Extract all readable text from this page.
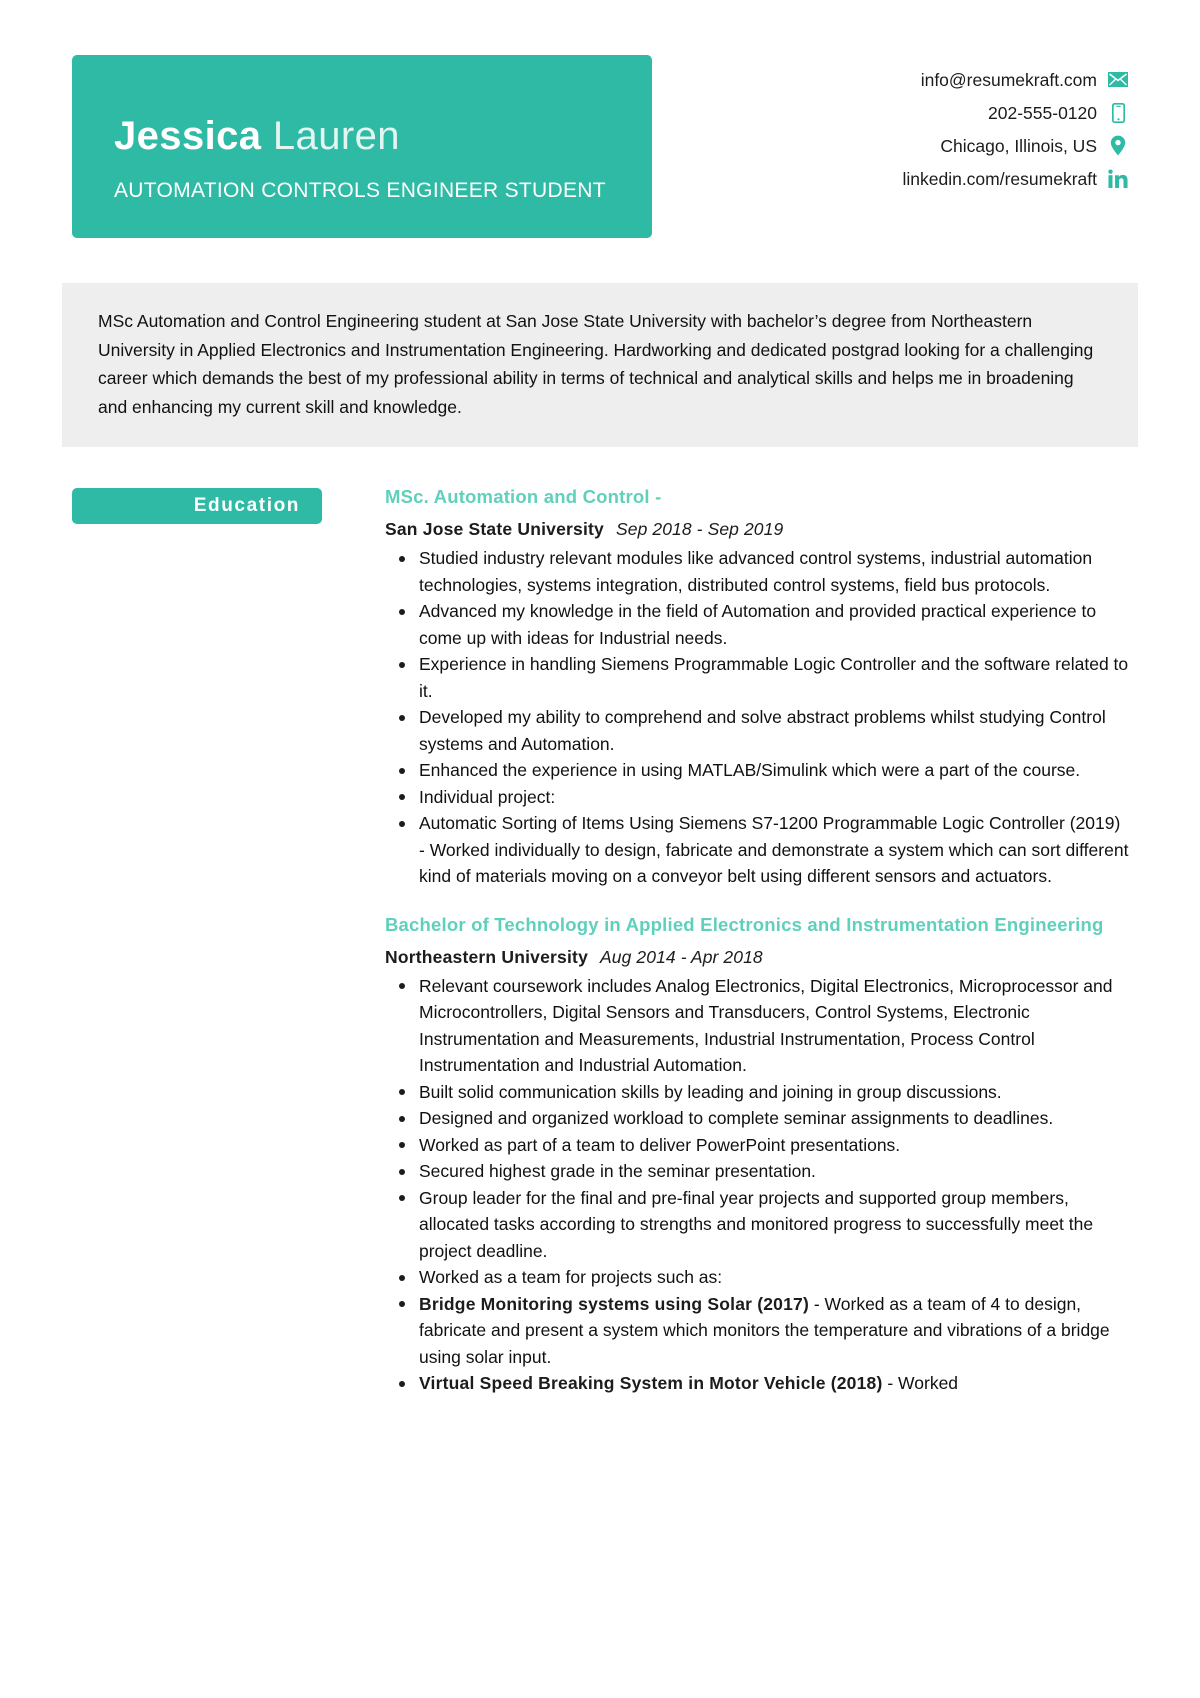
Jessica Lauren
AUTOMATION CONTROLS ENGINEER STUDENT
info@resumekraft.com
202-555-0120
Chicago, Illinois, US
linkedin.com/resumekraft

MSc Automation and Control Engineering student at San Jose State University with bachelor’s degree from Northeastern University in Applied Electronics and Instrumentation Engineering. Hardworking and dedicated postgrad looking for a challenging career which demands the best of my professional ability in terms of technical and analytical skills and helps me in broadening and enhancing my current skill and knowledge.

Education	MSc. Automation and Control -
San Jose State University Sep 2018 - Sep 2019
Studied industry relevant modules like advanced control systems, industrial automation technologies, systems integration, distributed control systems, field bus protocols.
Advanced my knowledge in the field of Automation and provided practical experience to come up with ideas for Industrial needs.
Experience in handling Siemens Programmable Logic Controller and the software related to it.
Developed my ability to comprehend and solve abstract problems whilst studying Control systems and Automation.
Enhanced the experience in using MATLAB/Simulink which were a part of the course.
Individual project:
Automatic Sorting of Items Using Siemens S7-1200 Programmable Logic Controller (2019) - Worked individually to design, fabricate and demonstrate a system which can sort different kind of materials moving on a conveyor belt using different sensors and actuators.
Bachelor of Technology in Applied Electronics and Instrumentation Engineering
Northeastern University Aug 2014 - Apr 2018
Relevant coursework includes Analog Electronics, Digital Electronics, Microprocessor and Microcontrollers, Digital Sensors and Transducers, Control Systems, Electronic Instrumentation and Measurements, Industrial Instrumentation, Process Control Instrumentation and Industrial Automation.
Built solid communication skills by leading and joining in group discussions.
Designed and organized workload to complete seminar assignments to deadlines.
Worked as part of a team to deliver PowerPoint presentations.
Secured highest grade in the seminar presentation.
Group leader for the final and pre-final year projects and supported group members, allocated tasks according to strengths and monitored progress to successfully meet the project deadline.
Worked as a team for projects such as:
Bridge Monitoring systems using Solar (2017) - Worked as a team of 4 to design, fabricate and present a system which monitors the temperature and vibrations of a bridge using solar input.
Virtual Speed Breaking System in Motor Vehicle (2018) - Worked
